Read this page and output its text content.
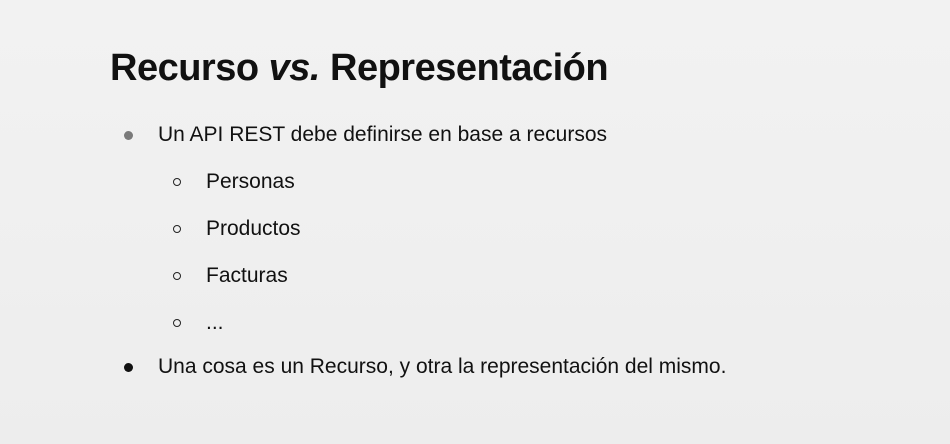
Recurso vs. Representación
Un API REST debe definirse en base a recursos
Personas
Productos
Facturas
...
Una cosa es un Recurso, y otra la representación del mismo.
